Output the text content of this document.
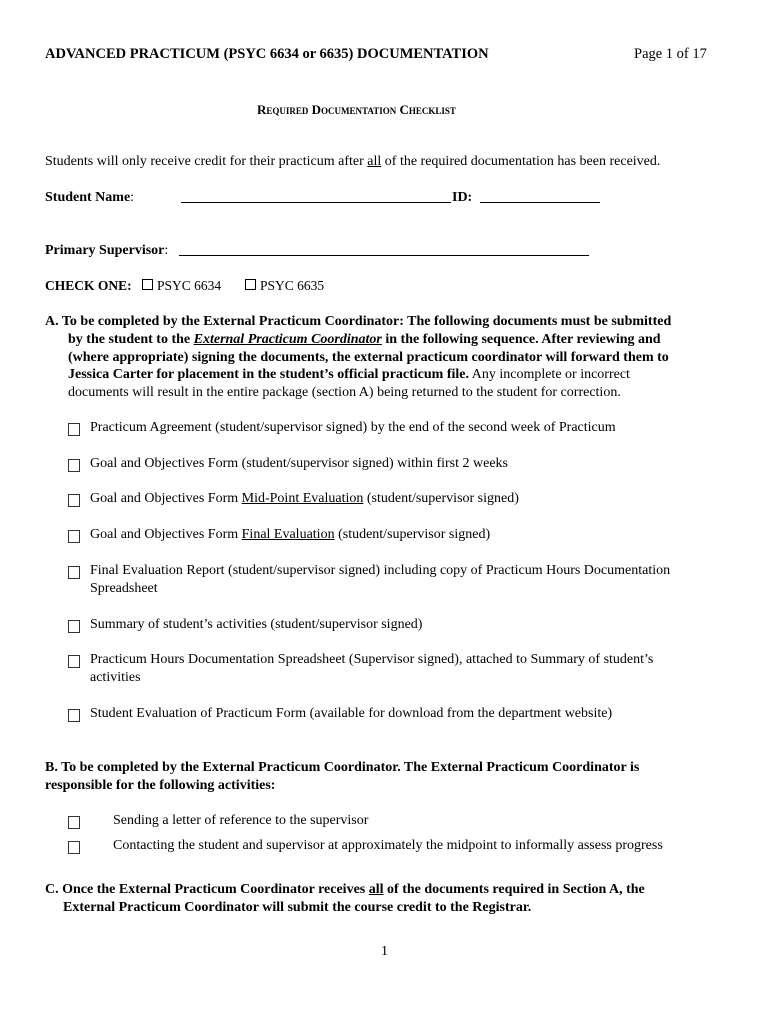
ADVANCED PRACTICUM (PSYC 6634 or 6635) DOCUMENTATION	Page 1 of 17
Required Documentation Checklist
Students will only receive credit for their practicum after all of the required documentation has been received.
Student Name:	ID:
Primary Supervisor:
CHECK ONE:	PSYC 6634	PSYC 6635
A. To be completed by the External Practicum Coordinator: The following documents must be submitted
by the student to the External Practicum Coordinator in the following sequence. After reviewing and
(where appropriate) signing the documents, the external practicum coordinator will forward them to
Jessica Carter for placement in the student’s official practicum file. Any incomplete or incorrect
documents will result in the entire package (section A) being returned to the student for correction.
Practicum Agreement (student/supervisor signed) by the end of the second week of Practicum
Goal and Objectives Form (student/supervisor signed) within first 2 weeks
Goal and Objectives Form Mid-Point Evaluation (student/supervisor signed)
Goal and Objectives Form Final Evaluation (student/supervisor signed)
Final Evaluation Report (student/supervisor signed) including copy of Practicum Hours Documentation
Spreadsheet
Summary of student’s activities (student/supervisor signed)
Practicum Hours Documentation Spreadsheet (Supervisor signed), attached to Summary of student’s
activities
Student Evaluation of Practicum Form (available for download from the department website)
B. To be completed by the External Practicum Coordinator. The External Practicum Coordinator is
responsible for the following activities:
Sending a letter of reference to the supervisor
Contacting the student and supervisor at approximately the midpoint to informally assess progress
C. Once the External Practicum Coordinator receives all of the documents required in Section A, the
External Practicum Coordinator will submit the course credit to the Registrar.
1
